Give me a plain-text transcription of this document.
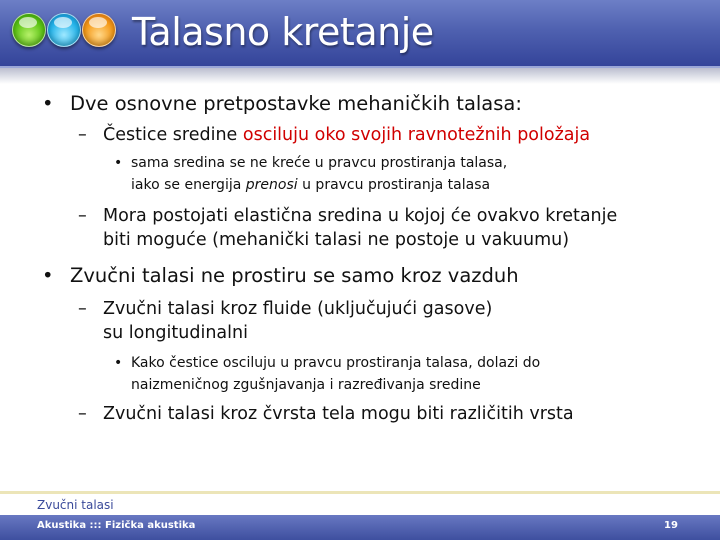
Talasno kretanje
• Dve osnovne pretpostavke mehaničkih talasa:
– Čestice sredine osciluju oko svojih ravnotežnih položaja
• sama sredina se ne kreće u pravcu prostiranja talasa,
iako se energija prenosi u pravcu prostiranja talasa
– Mora postojati elastična sredina u kojoj će ovakvo kretanje
biti moguće (mehanički talasi ne postoje u vakuumu)
• Zvučni talasi ne prostiru se samo kroz vazduh
– Zvučni talasi kroz fluide (uključujući gasove)
su longitudinalni
• Kako čestice osciluju u pravcu prostiranja talasa, dolazi do
naizmeničnog zgušnjavanja i razređivanja sredine
– Zvučni talasi kroz čvrsta tela mogu biti različitih vrsta
Zvučni talasi
Akustika ::: Fizička akustika	19
